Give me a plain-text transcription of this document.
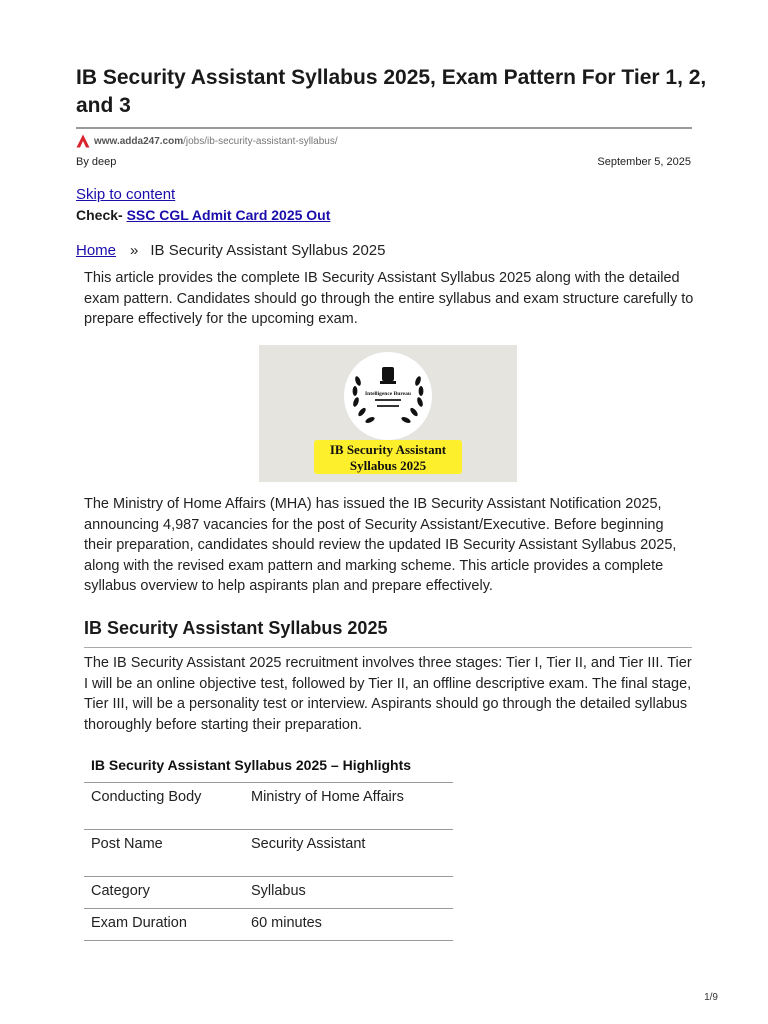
IB Security Assistant Syllabus 2025, Exam Pattern For Tier 1, 2, and 3
www.adda247.com /jobs/ib-security-assistant-syllabus/
By deep	September 5, 2025
Skip to content
Check- SSC CGL Admit Card 2025 Out
Home » IB Security Assistant Syllabus 2025

This article provides the complete IB Security Assistant Syllabus 2025 along with the detailed exam pattern. Candidates should go through the entire syllabus and exam structure carefully to prepare effectively for the upcoming exam.

Intelligence Bureau
IB Security Assistant
Syllabus 2025

The Ministry of Home Affairs (MHA) has issued the IB Security Assistant Notification 2025, announcing 4,987 vacancies for the post of Security Assistant/Executive. Before beginning their preparation, candidates should review the updated IB Security Assistant Syllabus 2025, along with the revised exam pattern and marking scheme. This article provides a complete syllabus overview to help aspirants plan and prepare effectively.

IB Security Assistant Syllabus 2025

The IB Security Assistant 2025 recruitment involves three stages: Tier I, Tier II, and Tier III. Tier I will be an online objective test, followed by Tier II, an offline descriptive exam. The final stage, Tier III, will be a personality test or interview. Aspirants should go through the detailed syllabus thoroughly before starting their preparation.

IB Security Assistant Syllabus 2025 – Highlights
Conducting Body	Ministry of Home Affairs
Post Name	Security Assistant
Category	Syllabus
Exam Duration	60 minutes
1/9
